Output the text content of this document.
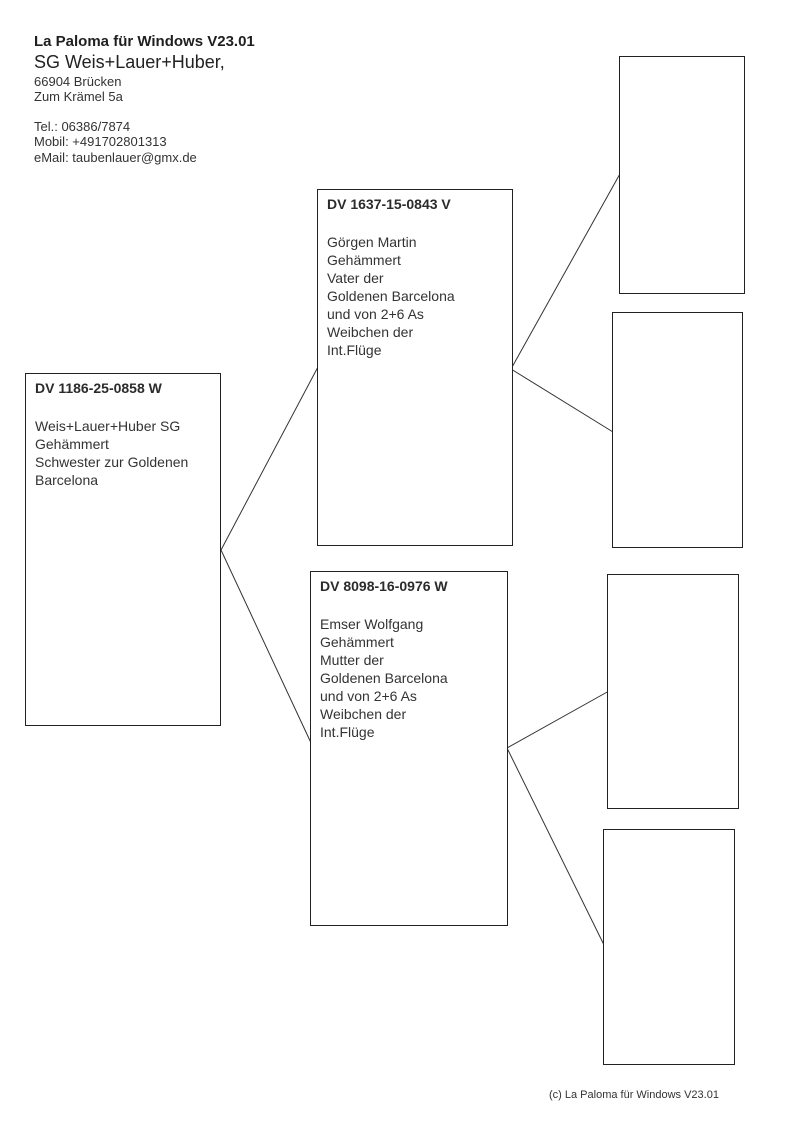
La Paloma für Windows V23.01
SG Weis+Lauer+Huber,
66904 Brücken
Zum Krämel 5a
Tel.: 06386/7874
Mobil: +491702801313
eMail: taubenlauer@gmx.de
DV 1186-25-0858 W
Weis+Lauer+Huber SG
Gehämmert
Schwester zur Goldenen
Barcelona
DV 1637-15-0843 V
Görgen Martin
Gehämmert
Vater der
Goldenen Barcelona
und von 2+6 As
Weibchen der
Int.Flüge
DV 8098-16-0976 W
Emser Wolfgang
Gehämmert
Mutter der
Goldenen Barcelona
und von 2+6 As
Weibchen der
Int.Flüge
(c) La Paloma für Windows V23.01
